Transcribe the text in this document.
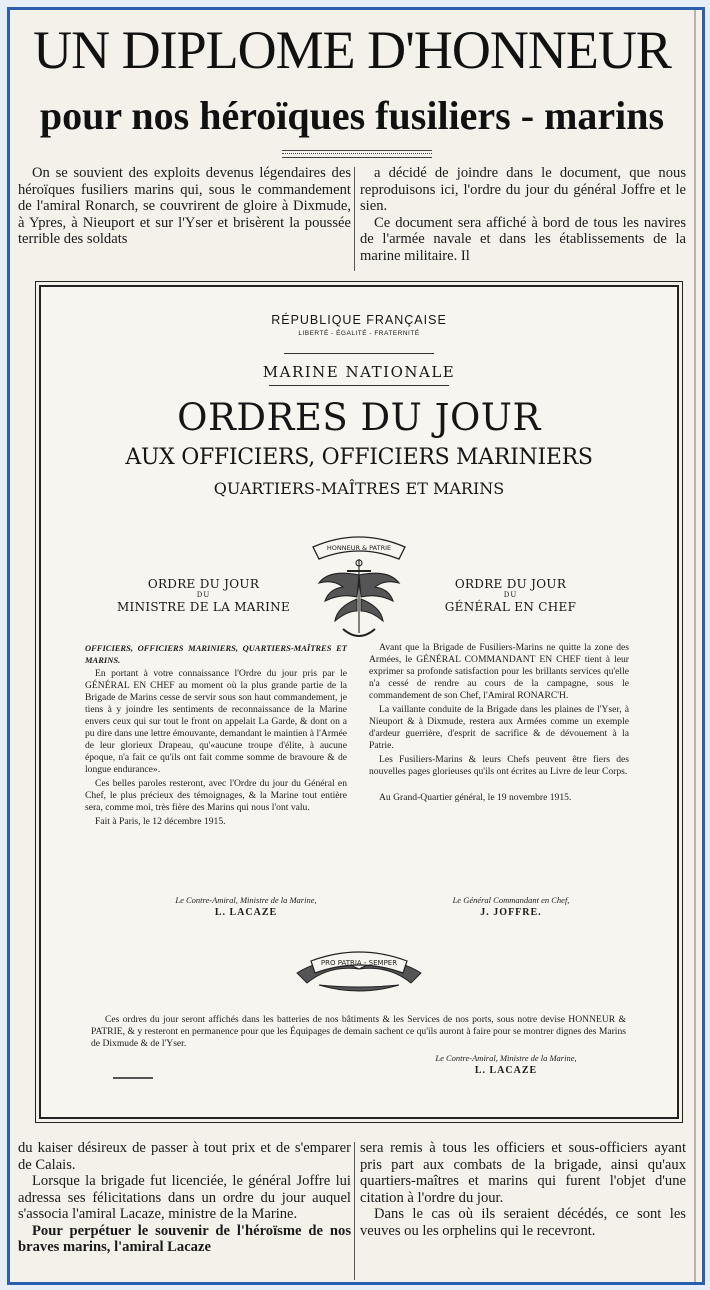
UN DIPLOME D'HONNEUR
pour nos héroïques fusiliers - marins

On se souvient des exploits devenus légendaires des héroïques fusiliers marins qui, sous le commandement de l'amiral Ronarch, se couvrirent de gloire à Dixmude, à Ypres, à Nieuport et sur l'Yser et brisèrent la poussée terrible des soldats

a décidé de joindre dans le document, que nous reproduisons ici, l'ordre du jour du général Joffre et le sien.

Ce document sera affiché à bord de tous les navires de l'armée navale et dans les établissements de la marine militaire. Il

RÉPUBLIQUE FRANÇAISE
LIBERTÉ - ÉGALITÉ - FRATERNITÉ
MARINE NATIONALE
ORDRES DU JOUR
AUX OFFICIERS, OFFICIERS MARINIERS
QUARTIERS-MAÎTRES ET MARINS
HONNEUR & PATRIE
ORDRE DU JOUR
DU
MINISTRE DE LA MARINE
ORDRE DU JOUR
DU
GÉNÉRAL EN CHEF

OFFICIERS, OFFICIERS MARINIERS, QUARTIERS-MAÎTRES ET MARINS.

En portant à votre connaissance l'Ordre du jour pris par le GÉNÉRAL EN CHEF au moment où la plus grande partie de la Brigade de Marins cesse de servir sous son haut commandement, je tiens à y joindre les sentiments de reconnaissance de la Marine envers ceux qui sur tout le front on appelait La Garde, & dont on a pu dire dans une lettre émouvante, demandant le maintien à l'Armée de leur glorieux Drapeau, qu'«aucune troupe d'élite, à aucune époque, n'a fait ce qu'ils ont fait comme somme de bravoure & de longue endurance».

Ces belles paroles resteront, avec l'Ordre du jour du Général en Chef, le plus précieux des témoignages, & la Marine tout entière sera, comme moi, très fière des Marins qui nous l'ont valu.

Fait à Paris, le 12 décembre 1915.

Avant que la Brigade de Fusiliers-Marins ne quitte la zone des Armées, le GÉNÉRAL COMMANDANT EN CHEF tient à leur exprimer sa profonde satisfaction pour les brillants services qu'elle n'a cessé de rendre au cours de la campagne, sous le commandement de son Chef, l'Amiral RONARC'H.

La vaillante conduite de la Brigade dans les plaines de l'Yser, à Nieuport & à Dixmude, restera aux Armées comme un exemple d'ardeur guerrière, d'esprit de sacrifice & de dévouement à la Patrie.

Les Fusiliers-Marins & leurs Chefs peuvent être fiers des nouvelles pages glorieuses qu'ils ont écrites au Livre de leur Corps.

Au Grand-Quartier général, le 19 novembre 1915.

Le Contre-Amiral, Ministre de la Marine,
L. LACAZE
Le Général Commandant en Chef,
J. JOFFRE.
PRO PATRIA - SEMPER
Ces ordres du jour seront affichés dans les batteries de nos bâtiments & les Services de nos ports, sous notre devise HONNEUR & PATRIE, & y resteront en permanence pour que les Équipages de demain sachent ce qu'ils auront à faire pour se montrer dignes des Marins de Dixmude & de l'Yser.
Le Contre-Amiral, Ministre de la Marine,
L. LACAZE

du kaiser désireux de passer à tout prix et de s'emparer de Calais.

Lorsque la brigade fut licenciée, le général Joffre lui adressa ses félicitations dans un ordre du jour auquel s'associa l'amiral Lacaze, ministre de la Marine.

Pour perpétuer le souvenir de l'héroïsme de nos braves marins, l'amiral Lacaze

sera remis à tous les officiers et sous-officiers ayant pris part aux combats de la brigade, ainsi qu'aux quartiers-maîtres et marins qui furent l'objet d'une citation à l'ordre du jour.

Dans le cas où ils seraient décédés, ce sont les veuves ou les orphelins qui le recevront.
